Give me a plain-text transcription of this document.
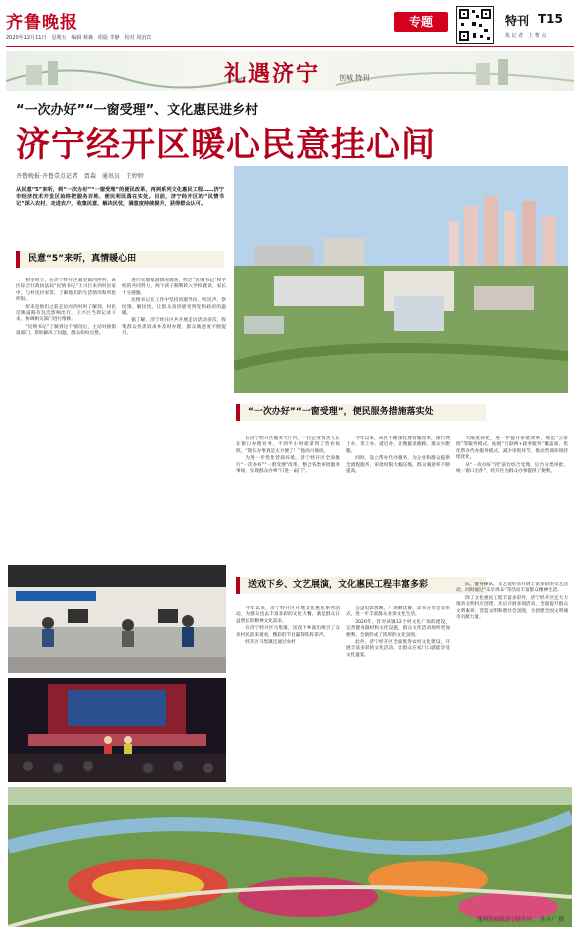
齐鲁晚报
2020年12月11日　星期五　编辑 蔡森　组版 李静　校对 周治宾
专题	特刊 T15
执 记 者　上 曹 点
礼遇济宁	创城 特刊
“一次办好”“一窗受理”、文化惠民进乡村
济宁经开区暖心民意挂心间
齐鲁晚报·齐鲁壹点记者　贾森　通讯员　王婷婷
从民意“5”来听，到“一次办好”“一窗受理”的便民改革，再到系列文化惠民工程……济宁市经济技术开发区始终把服务百姓、便民利民落在实处。目前，济宁经开区的“民情书记”深入农村，走进农户，收集民意，解决民忧，满意度持续提升，获得群众认可。
民意“5”来听，真情暖心田
“一次办好”“一窗受理”，便民服务措施落实处
送戏下乡、文艺展演，文化惠民工程丰富多彩

初冬时节，在济宁经开区嘉里镇丙西村，该区综合行政执法局“民情书记”王兴巨来到村民家中，与村民拉家常，了解他们的生活情况和所思所盼。

原来是他们之前走访丙西村时了解到，村民反映道路有坑洼影响出行，王兴巨当即记录下来，协调相关部门进行维修。

“民情书记”了解到这个情况后，主动对接街道部门，帮助解决了问题，群众纷纷点赞。

进行实地家庭情况调查，经过“民情书记”和学校的共同努力，两个孩子顺利转入学校就读，家长十分感激。

民情书记在工作中坚持问题导向，听民声、察民情、解民忧，让群众真切感受到党和政府的温暖。

据了解，济宁经开区共开展走访活动多次，收集群众各类诉求并及时办理，群众满意度不断提升。

在济宁经开区服务大厅内，一位企业负责人正在窗口办理业务，不到半小时就拿到了营业执照。“现在办事真是太方便了！”他高兴地说。

为进一步优化营商环境，济宁经开区全面推行“一次办好”“一窗受理”改革，整合各类审批服务事项，实现群众办事“只进一扇门”。

今年以来，该区不断深化放管服改革，推行网上办、掌上办、就近办，让数据多跑路、群众少跑腿。

同时，设立帮办代办服务，为企业和群众提供全流程服务，审批时限大幅压缩，群众满意率不断提高。

大限度简化，进一步提升审批效率，规范“云审批”等服务模式，拓展“互联网+政务服务”覆盖面，优化帮办代办服务模式，减少审批环节，推动营商环境持续优化。

从“一次办好”到“前台综合受理、后台分类审批、统一窗口出件”，经开区为群众办事提供了便利。

今年以来，济宁经开区开展文化惠民系列活动，为群众送去丰富多彩的文化大餐，满足群众日益增长的精神文化需求。

在济宁经开区马集镇，送戏下乡演出吸引了众多村民前来观看，精彩的节目赢得阵阵掌声。

经开区马集镇还通过农村

公益电影放映、广场舞比赛、读书分享会等形式，进一步丰富群众业余文化生活。

2020年，针对该镇12个村文化广场的建设，完善健身器材和文化设施，群众文化活动场所更加便利，全镇形成了浓厚的文化氛围。

此外，济宁经开区全面推进农村文化建设，开展丰富多彩的文化活动，让群众在家门口就能享受文化盛宴。

队、健身操队、文艺爱好者开展丰富多彩的文艺活动，同时通过“乐享周末”等活动丰富群众精神生活。

除了文化惠民工程丰富多彩外，济宁经开区还大力推动文明村庄创建，先后开展多项活动，全面提升群众文明素养，营造文明和谐社会氛围，为创建全国文明城市贡献力量。

蓬勃发展的济宁经开区。　孙本广 摄
